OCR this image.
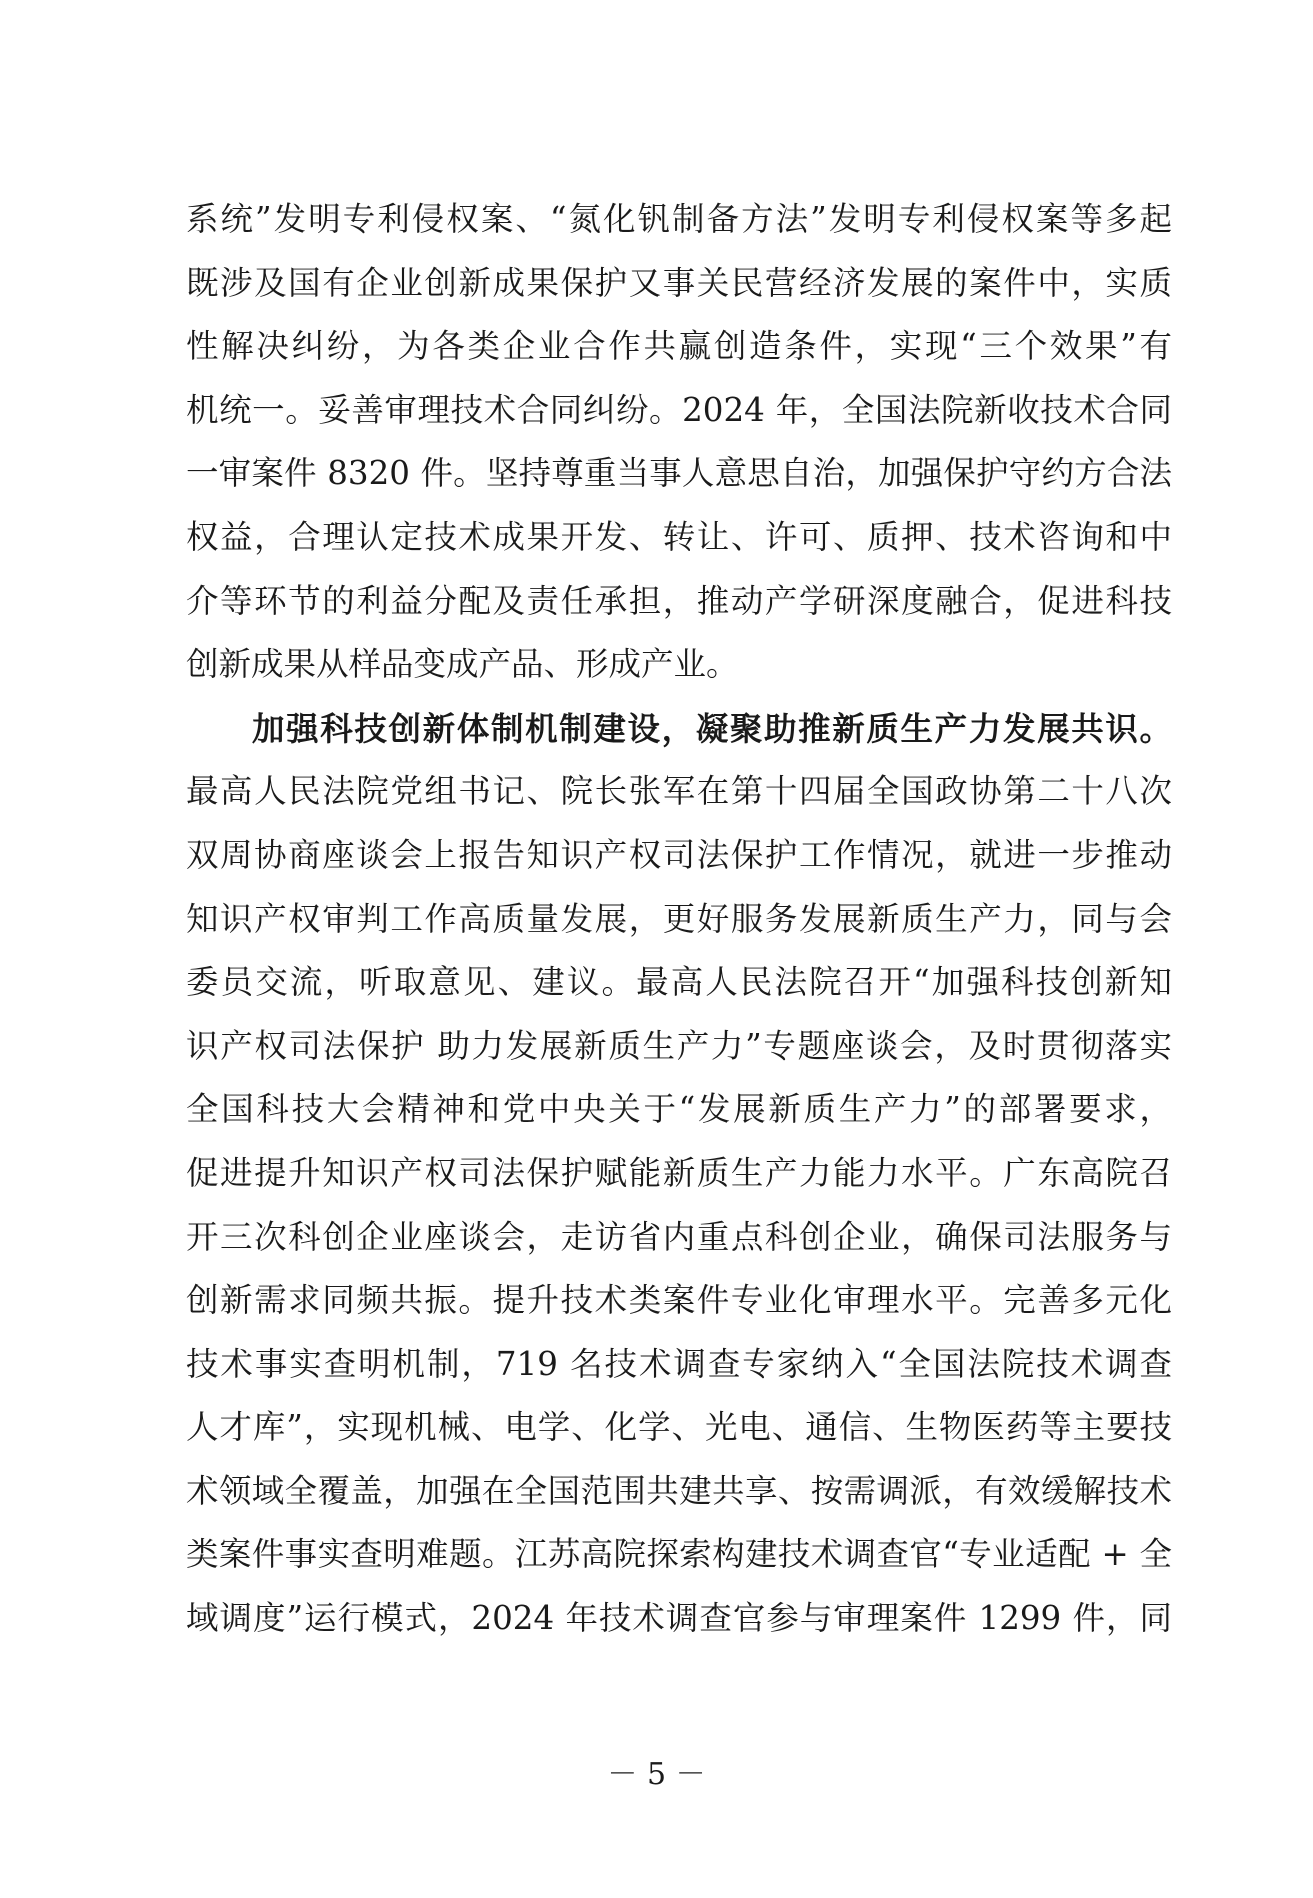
系统”发明专利侵权案、“氮化钒制备方法”发明专利侵权案等多起
既涉及国有企业创新成果保护又事关民营经济发展的案件中，实质
性解决纠纷，为各类企业合作共赢创造条件，实现“三个效果”有
机统一。妥善审理技术合同纠纷。2024 年，全国法院新收技术合同
一审案件 8320 件。坚持尊重当事人意思自治，加强保护守约方合法
权益，合理认定技术成果开发、转让、许可、质押、技术咨询和中
介等环节的利益分配及责任承担，推动产学研深度融合，促进科技
创新成果从样品变成产品、形成产业。
加强科技创新体制机制建设，凝聚助推新质生产力发展共识。
最高人民法院党组书记、院长张军在第十四届全国政协第二十八次
双周协商座谈会上报告知识产权司法保护工作情况，就进一步推动
知识产权审判工作高质量发展，更好服务发展新质生产力，同与会
委员交流，听取意见、建议。最高人民法院召开“加强科技创新知
识产权司法保护 助力发展新质生产力”专题座谈会，及时贯彻落实
全国科技大会精神和党中央关于“发展新质生产力”的部署要求，
促进提升知识产权司法保护赋能新质生产力能力水平。广东高院召
开三次科创企业座谈会，走访省内重点科创企业，确保司法服务与
创新需求同频共振。提升技术类案件专业化审理水平。完善多元化
技术事实查明机制，719 名技术调查专家纳入“全国法院技术调查
人才库”，实现机械、电学、化学、光电、通信、生物医药等主要技
术领域全覆盖，加强在全国范围共建共享、按需调派，有效缓解技术
类案件事实查明难题。江苏高院探索构建技术调查官“专业适配 + 全
域调度”运行模式，2024 年技术调查官参与审理案件 1299 件，同
－ 5 －
